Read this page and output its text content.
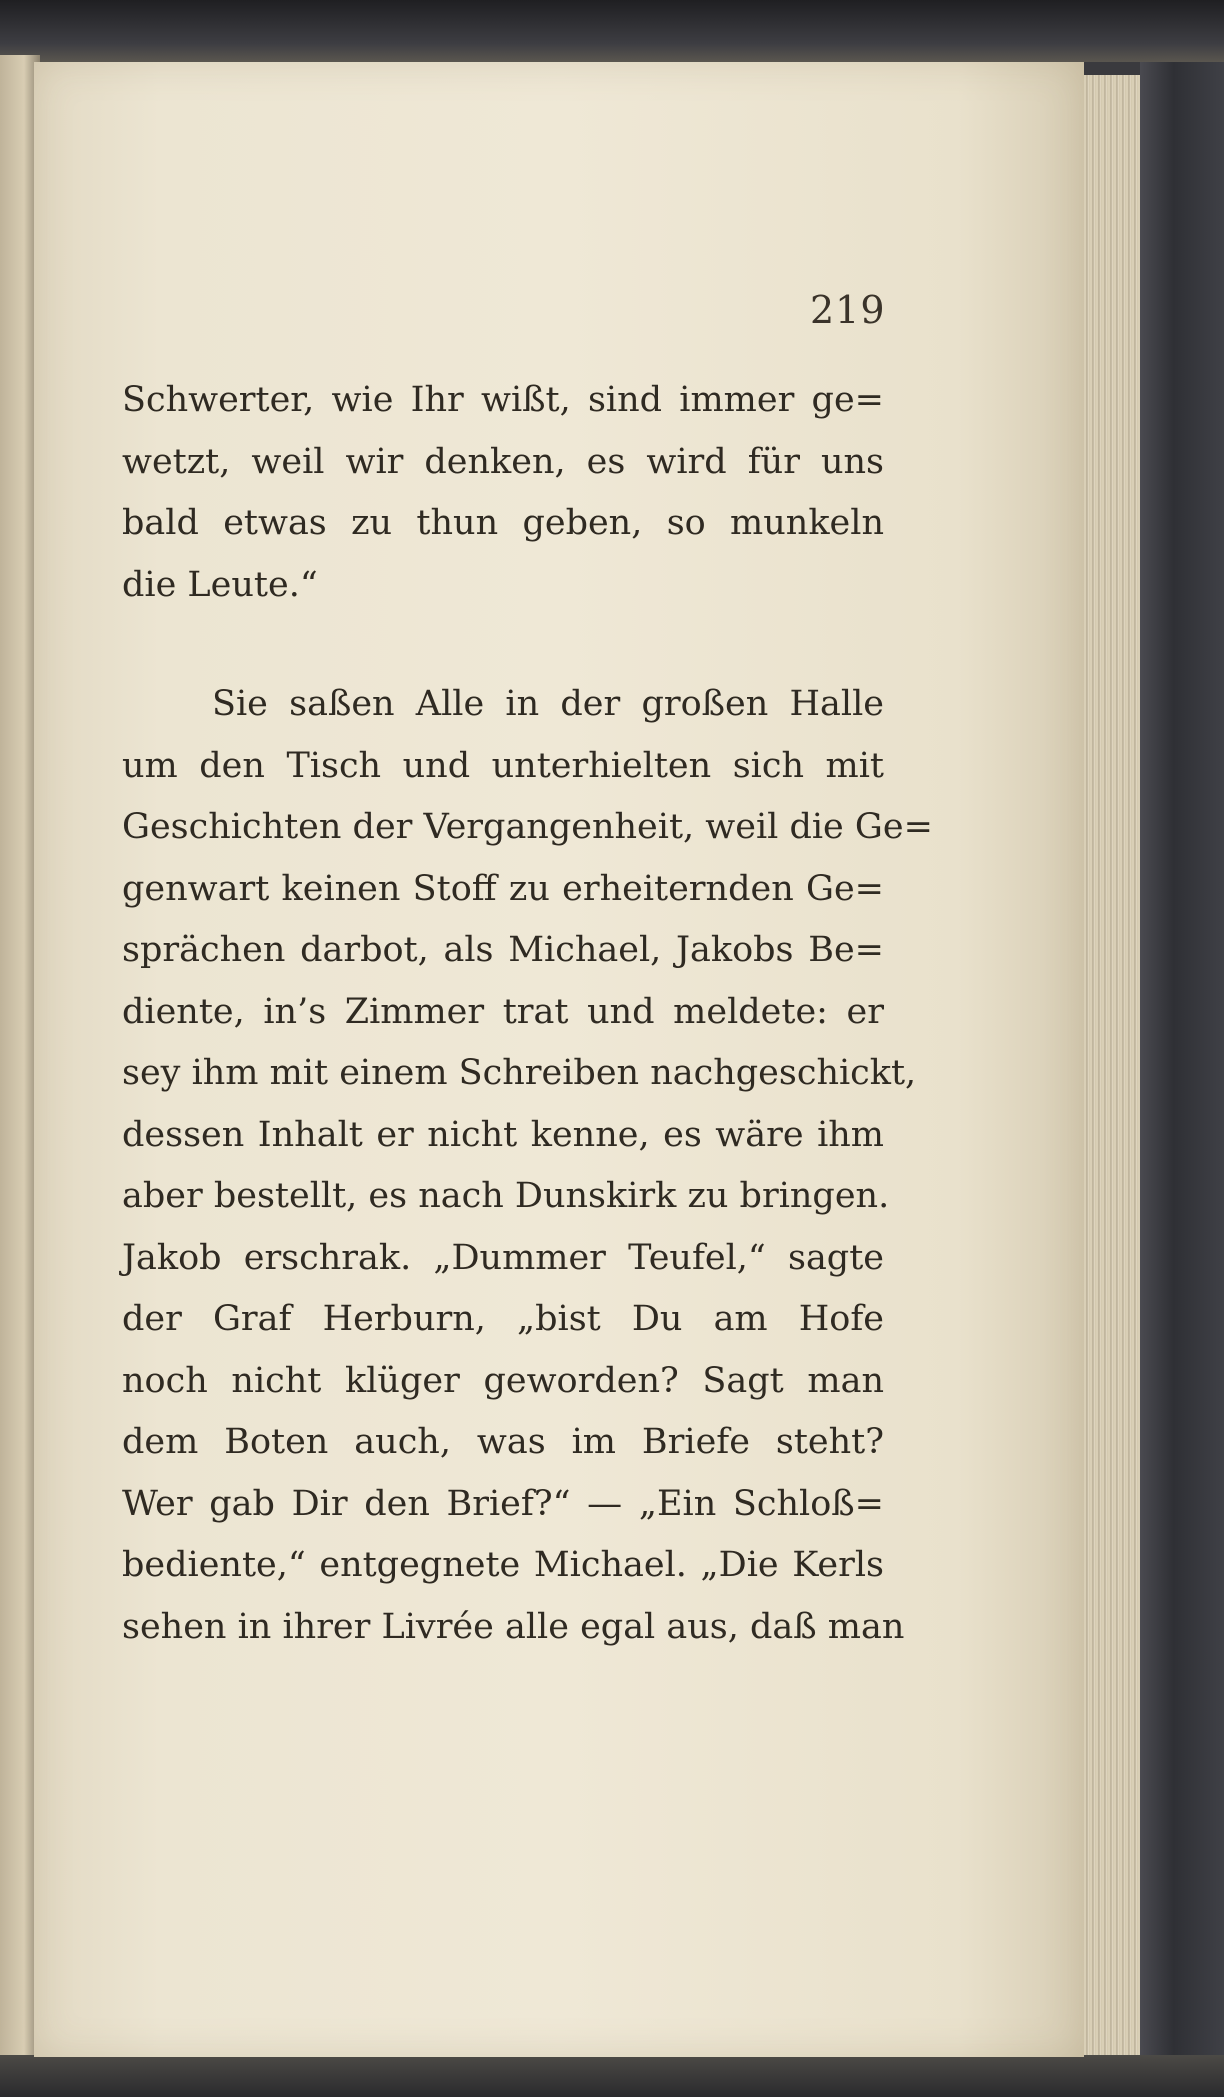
219
Schwerter, wie Ihr wißt, sind immer ge=
wetzt, weil wir denken, es wird für uns
bald etwas zu thun geben, so munkeln
die Leute.“
Sie saßen Alle in der großen Halle
um den Tisch und unterhielten sich mit
Geschichten der Vergangenheit, weil die Ge=
genwart keinen Stoff zu erheiternden Ge=
sprächen darbot, als Michael, Jakobs Be=
diente, in’s Zimmer trat und meldete: er
sey ihm mit einem Schreiben nachgeschickt,
dessen Inhalt er nicht kenne, es wäre ihm
aber bestellt, es nach Dunskirk zu bringen.
Jakob erschrak. „Dummer Teufel,“ sagte
der Graf Herburn, „bist Du am Hofe
noch nicht klüger geworden? Sagt man
dem Boten auch, was im Briefe steht?
Wer gab Dir den Brief?“ — „Ein Schloß=
bediente,“ entgegnete Michael. „Die Kerls
sehen in ihrer Livrée alle egal aus, daß man
